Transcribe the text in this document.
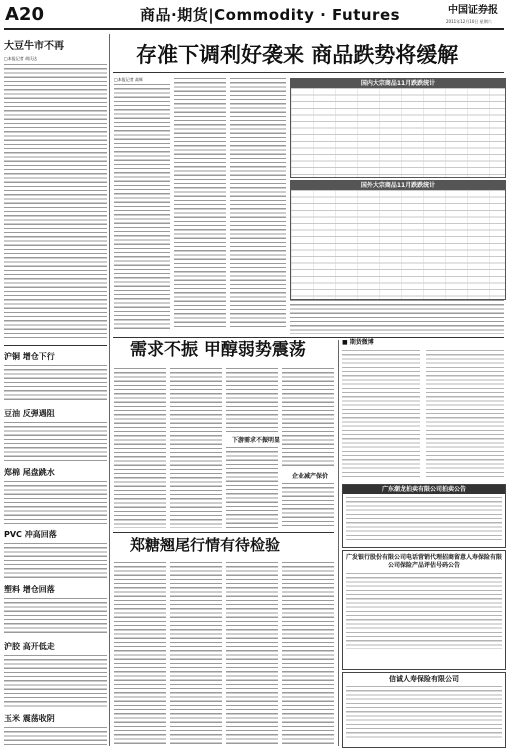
A20	商品·期货|Commodity · Futures	中国证券报
2011年12月10日 星期六
大豆牛市不再
□本报记者 胡氏达
沪铜 增仓下行
豆油 反弹遇阻
郑棉 尾盘跳水
PVC 冲高回落
塑料 增仓回落
沪胶 高开低走
玉米 震荡收阴
存准下调利好袭来 商品跌势将缓解
□本报记者 高辉
国内大宗商品11月跌跌统计
国外大宗商品11月跌跌统计
需求不振 甲醇弱势震荡
下游需求不振明显
企业减产保价
郑糖翘尾行情有待检验
■ 期货微博
广东潮龙拍卖有限公司拍卖公告
广发银行股份有限公司电话营销代理招商留意人寿保险有限公司保险产品评估号码公告
信诚人寿保险有限公司
